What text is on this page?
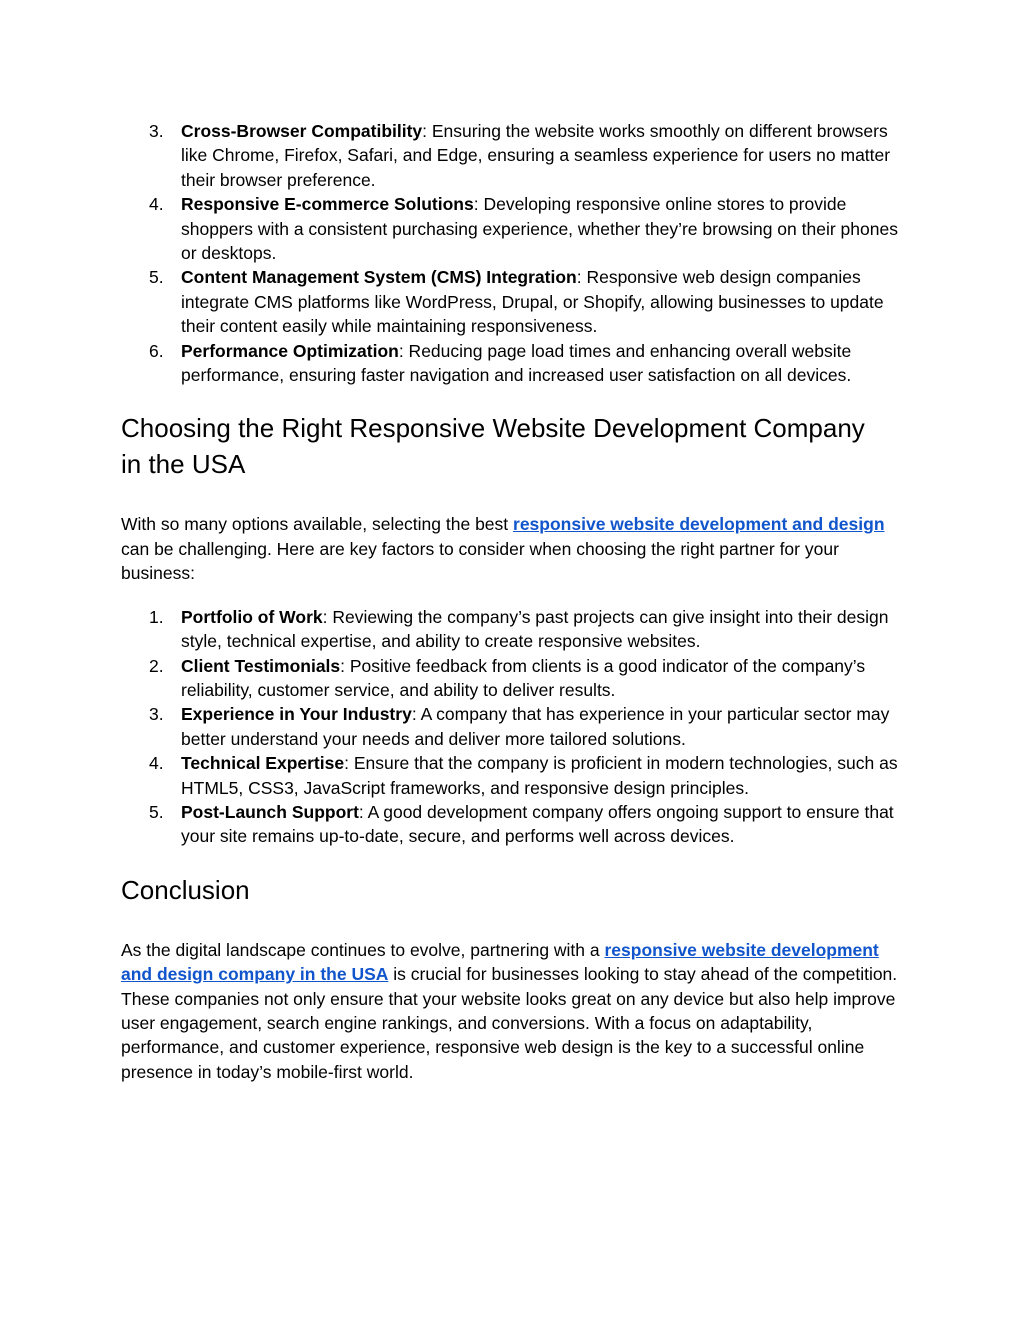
3. Cross-Browser Compatibility: Ensuring the website works smoothly on different browsers like Chrome, Firefox, Safari, and Edge, ensuring a seamless experience for users no matter their browser preference.
4. Responsive E-commerce Solutions: Developing responsive online stores to provide shoppers with a consistent purchasing experience, whether they’re browsing on their phones or desktops.
5. Content Management System (CMS) Integration: Responsive web design companies integrate CMS platforms like WordPress, Drupal, or Shopify, allowing businesses to update their content easily while maintaining responsiveness.
6. Performance Optimization: Reducing page load times and enhancing overall website performance, ensuring faster navigation and increased user satisfaction on all devices.
Choosing the Right Responsive Website Development Company
in the USA

With so many options available, selecting the best responsive website development and design can be challenging. Here are key factors to consider when choosing the right partner for your business:

1. Portfolio of Work: Reviewing the company’s past projects can give insight into their design style, technical expertise, and ability to create responsive websites.
2. Client Testimonials: Positive feedback from clients is a good indicator of the company’s reliability, customer service, and ability to deliver results.
3. Experience in Your Industry: A company that has experience in your particular sector may better understand your needs and deliver more tailored solutions.
4. Technical Expertise: Ensure that the company is proficient in modern technologies, such as HTML5, CSS3, JavaScript frameworks, and responsive design principles.
5. Post-Launch Support: A good development company offers ongoing support to ensure that your site remains up-to-date, secure, and performs well across devices.
Conclusion

As the digital landscape continues to evolve, partnering with a responsive website development and design company in the USA is crucial for businesses looking to stay ahead of the competition. These companies not only ensure that your website looks great on any device but also help improve user engagement, search engine rankings, and conversions. With a focus on adaptability, performance, and customer experience, responsive web design is the key to a successful online presence in today’s mobile-first world.
